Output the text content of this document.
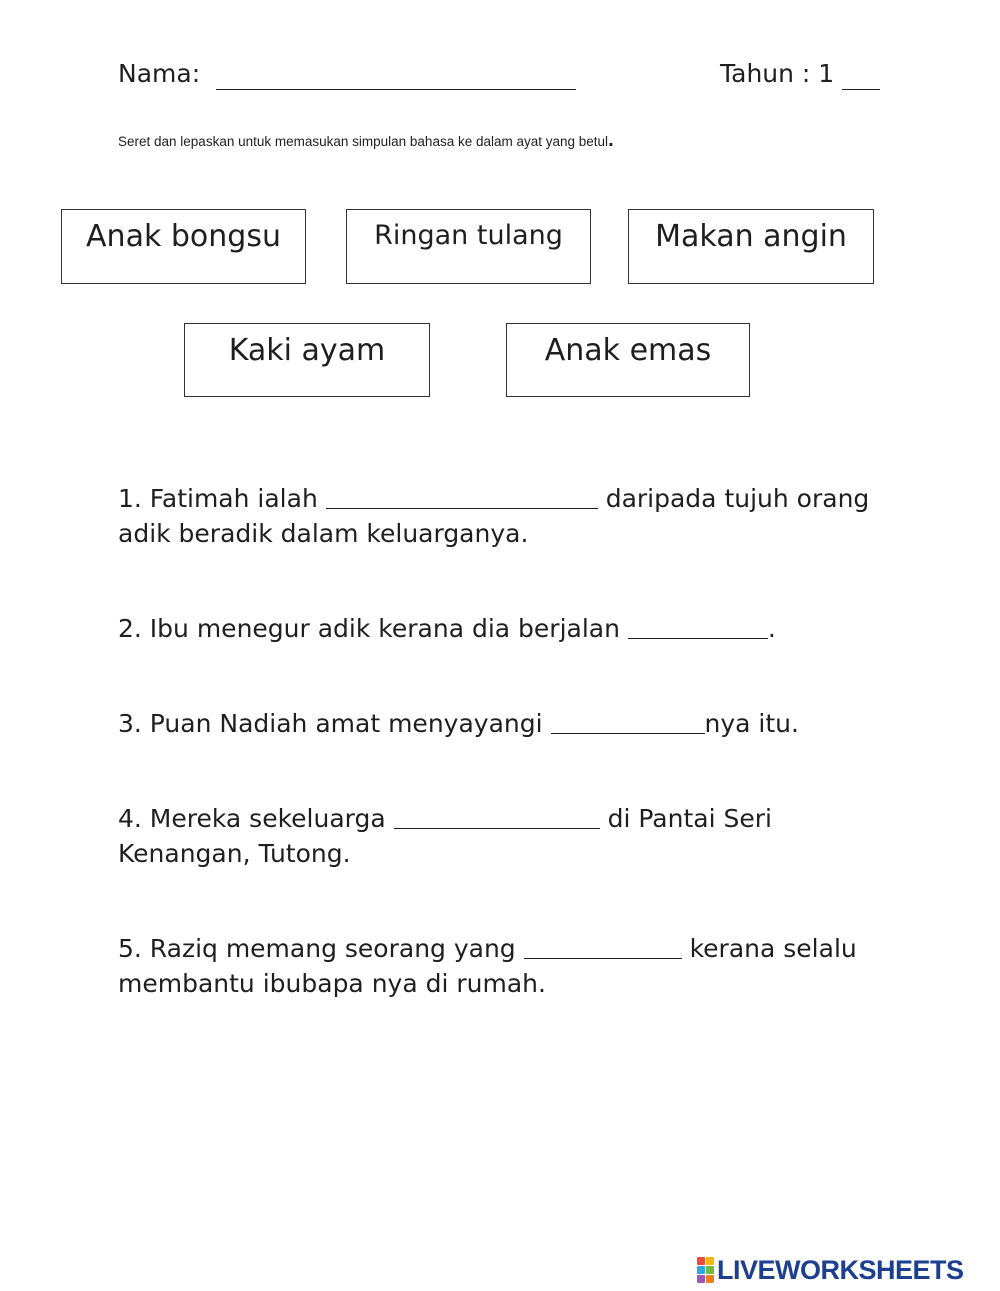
Nama:	Tahun : 1
Seret dan lepaskan untuk memasukan simpulan bahasa ke dalam ayat yang betul.
Anak bongsu	Ringan tulang	Makan angin
Kaki ayam	Anak emas
1. Fatimah ialah	daripada tujuh orang adik beradik dalam keluarganya.
2. Ibu menegur adik kerana dia berjalan	.
3. Puan Nadiah amat menyayangi	nya itu.
4. Mereka sekeluarga	di Pantai Seri Kenangan, Tutong.
5. Raziq memang seorang yang	kerana selalu membantu ibubapa nya di rumah.
LIVEWORKSHEETS
